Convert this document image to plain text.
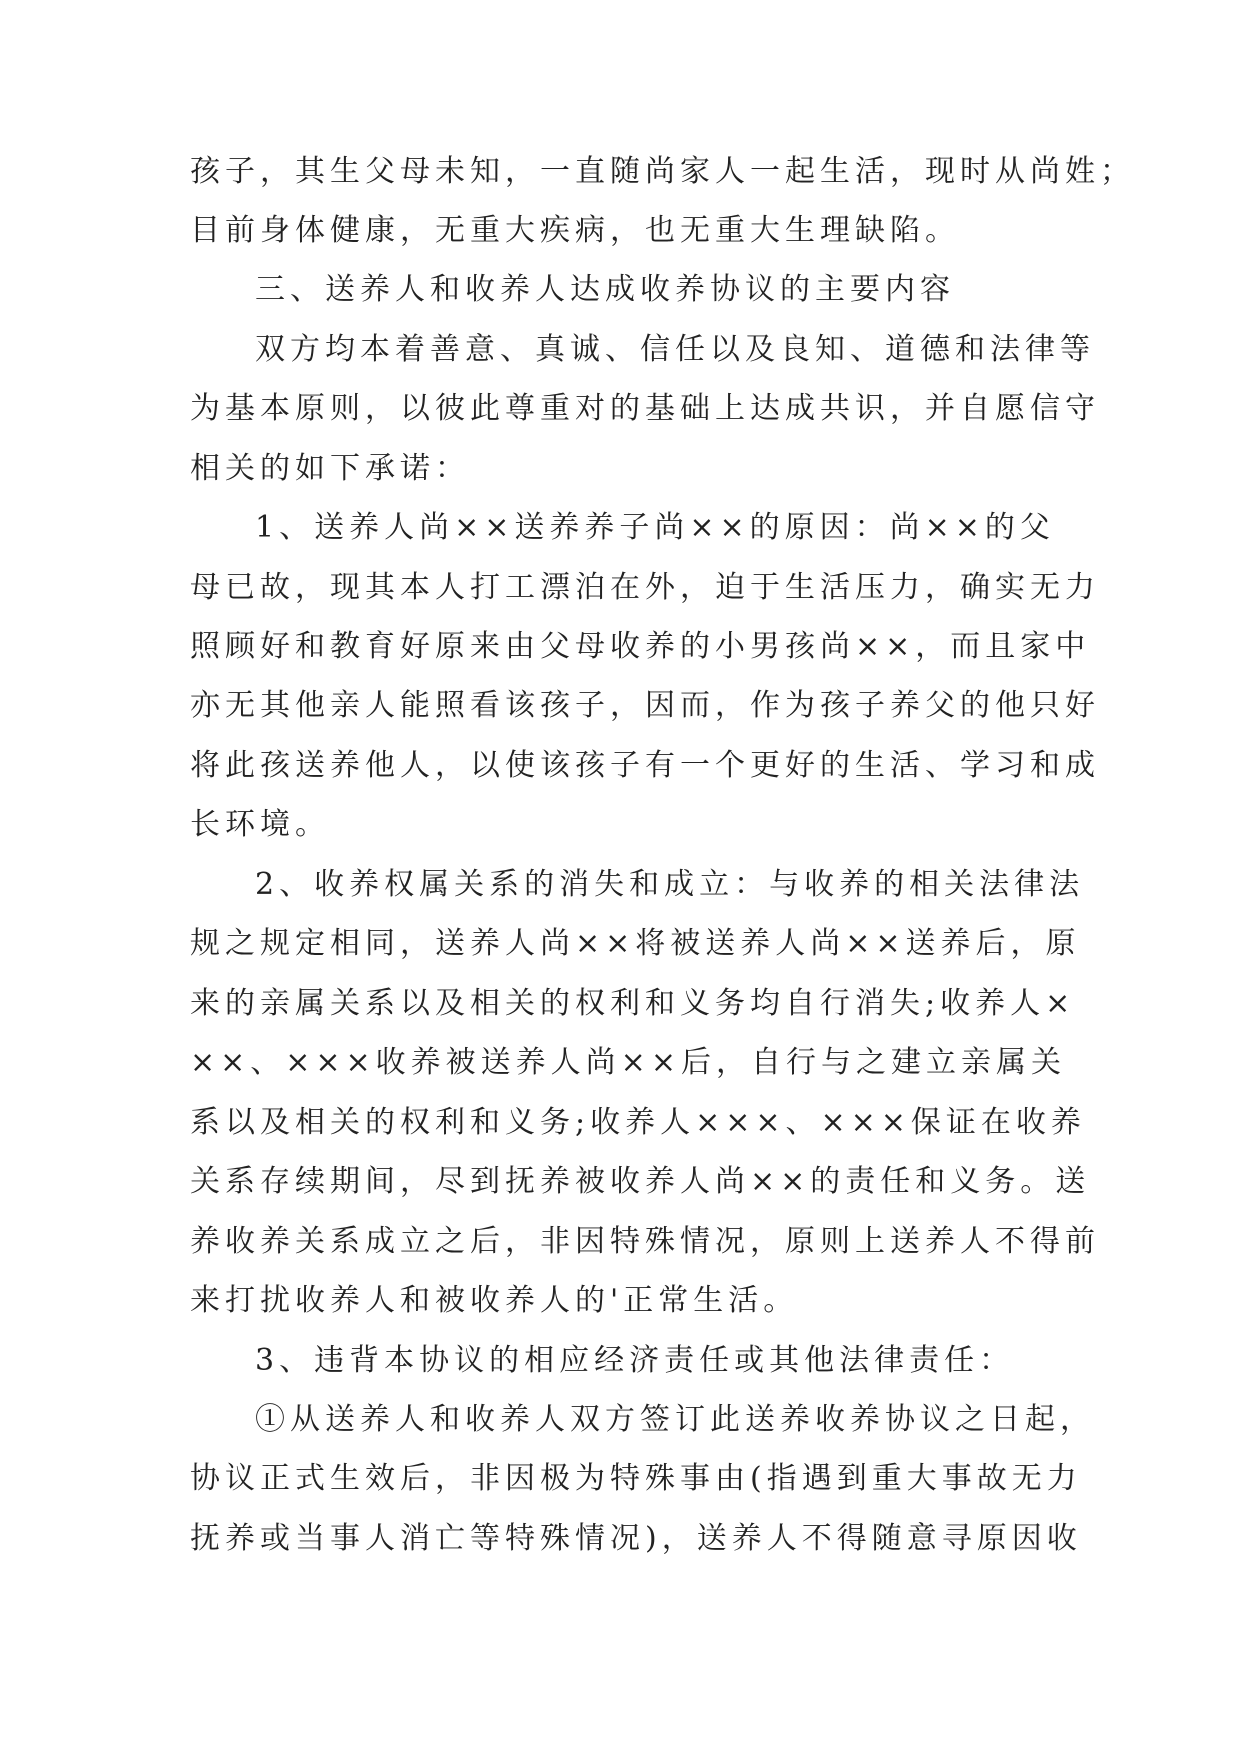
孩子，其生父母未知，一直随尚家人一起生活，现时从尚姓；
目前身体健康，无重大疾病，也无重大生理缺陷。
三、送养人和收养人达成收养协议的主要内容
双方均本着善意、真诚、信任以及良知、道德和法律等
为基本原则，以彼此尊重对的基础上达成共识，并自愿信守
相关的如下承诺：
1、送养人尚××送养养子尚××的原因：尚××的父
母已故，现其本人打工漂泊在外，迫于生活压力，确实无力
照顾好和教育好原来由父母收养的小男孩尚××，而且家中
亦无其他亲人能照看该孩子，因而，作为孩子养父的他只好
将此孩送养他人，以使该孩子有一个更好的生活、学习和成
长环境。
2、收养权属关系的消失和成立：与收养的相关法律法
规之规定相同，送养人尚××将被送养人尚××送养后，原
来的亲属关系以及相关的权利和义务均自行消失;收养人×
××、×××收养被送养人尚××后，自行与之建立亲属关
系以及相关的权利和义务;收养人×××、×××保证在收养
关系存续期间，尽到抚养被收养人尚××的责任和义务。送
养收养关系成立之后，非因特殊情况，原则上送养人不得前
来打扰收养人和被收养人的'正常生活。
3、违背本协议的相应经济责任或其他法律责任：
①从送养人和收养人双方签订此送养收养协议之日起，
协议正式生效后，非因极为特殊事由(指遇到重大事故无力
抚养或当事人消亡等特殊情况)，送养人不得随意寻原因收
